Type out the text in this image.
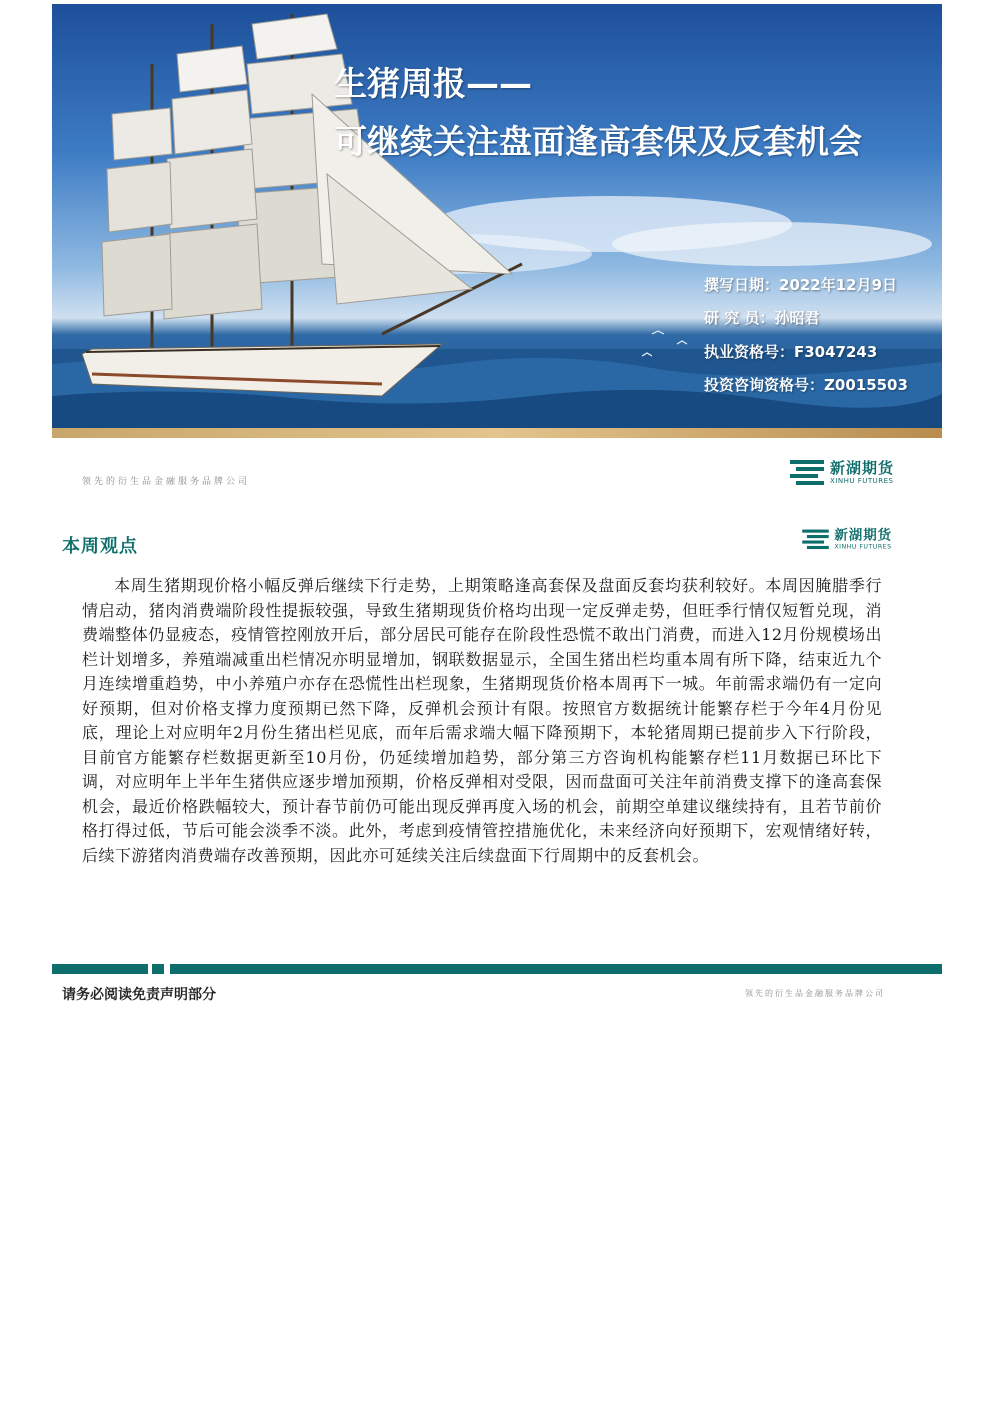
生猪周报——
可继续关注盘面逢高套保及反套机会
撰写日期：2022年12月9日
研 究 员：孙昭君
执业资格号：F3047243
投资咨询资格号：Z0015503
领先的衍生品金融服务品牌公司
新湖期货
XINHU FUTURES
本周观点
新湖期货
XINHU FUTURES
本周生猪期现价格小幅反弹后继续下行走势，上期策略逢高套保及盘面反套均获利较好。本周因腌腊季行情启动，猪肉消费端阶段性提振较强，导致生猪期现货价格均出现一定反弹走势，但旺季行情仅短暂兑现，消费端整体仍显疲态，疫情管控刚放开后，部分居民可能存在阶段性恐慌不敢出门消费，而进入12月份规模场出栏计划增多，养殖端减重出栏情况亦明显增加，钢联数据显示，全国生猪出栏均重本周有所下降，结束近九个月连续增重趋势，中小养殖户亦存在恐慌性出栏现象，生猪期现货价格本周再下一城。年前需求端仍有一定向好预期，但对价格支撑力度预期已然下降，反弹机会预计有限。按照官方数据统计能繁存栏于今年4月份见底，理论上对应明年2月份生猪出栏见底，而年后需求端大幅下降预期下，本轮猪周期已提前步入下行阶段，目前官方能繁存栏数据更新至10月份，仍延续增加趋势，部分第三方咨询机构能繁存栏11月数据已环比下调，对应明年上半年生猪供应逐步增加预期，价格反弹相对受限，因而盘面可关注年前消费支撑下的逢高套保机会，最近价格跌幅较大，预计春节前仍可能出现反弹再度入场的机会，前期空单建议继续持有，且若节前价格打得过低，节后可能会淡季不淡。此外，考虑到疫情管控措施优化，未来经济向好预期下，宏观情绪好转，后续下游猪肉消费端存改善预期，因此亦可延续关注后续盘面下行周期中的反套机会。
请务必阅读免责声明部分	领先的衍生品金融服务品牌公司
